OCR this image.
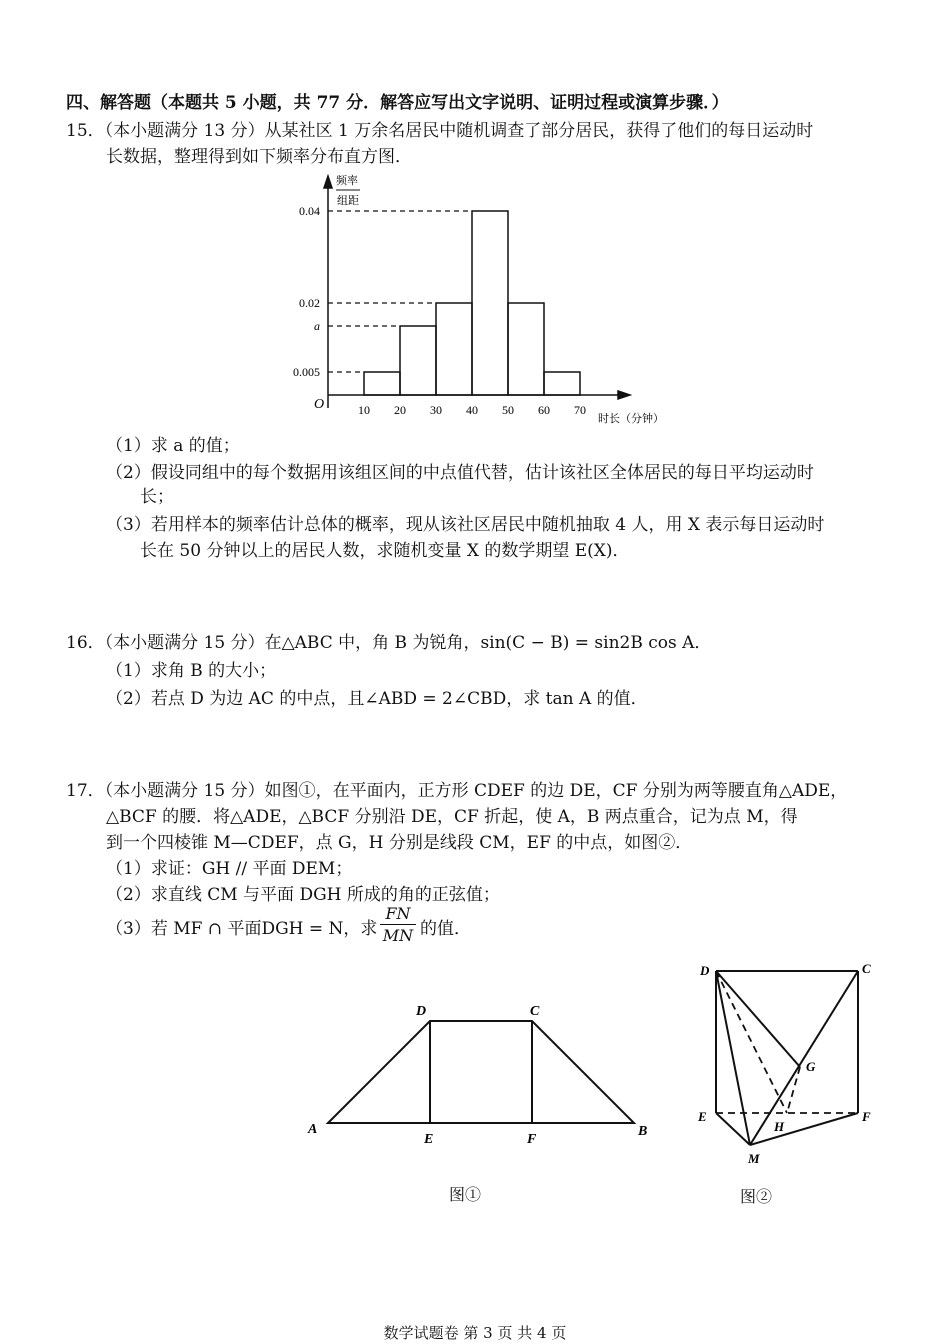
四、解答题（本题共 5 小题，共 77 分．解答应写出文字说明、证明过程或演算步骤．）
15．（本小题满分 13 分）从某社区 1 万余名居民中随机调查了部分居民，获得了他们的每日运动时
长数据，整理得到如下频率分布直方图．
频率
组距
O
时长（分钟）
0.04
0.02
a
0.005
10 20 30 40 50 60 70
（1）求 a 的值；
（2）假设同组中的每个数据用该组区间的中点值代替，估计该社区全体居民的每日平均运动时
长；
（3）若用样本的频率估计总体的概率，现从该社区居民中随机抽取 4 人，用 X 表示每日运动时
长在 50 分钟以上的居民人数，求随机变量 X 的数学期望 E(X)．
16．（本小题满分 15 分）在△ABC 中，角 B 为锐角，sin(C − B) = sin2B cos A．
（1）求角 B 的大小；
（2）若点 D 为边 AC 的中点，且∠ABD = 2∠CBD，求 tan A 的值．
17．（本小题满分 15 分）如图①，在平面内，正方形 CDEF 的边 DE，CF 分别为两等腰直角△ADE，
△BCF 的腰．将△ADE，△BCF 分别沿 DE，CF 折起，使 A，B 两点重合，记为点 M，得
到一个四棱锥 M—CDEF，点 G，H 分别是线段 CM，EF 的中点，如图②．
（1）求证：GH // 平面 DEM；
（2）求直线 CM 与平面 DGH 所成的角的正弦值；
（3）若 MF ∩ 平面DGH = N，求 $\frac{FN}{MN}$ 的值．
A
D	C
B
E	F
图①
D	C
E	F
G
H
M
图②
数学试题卷 第 3 页 共 4 页
